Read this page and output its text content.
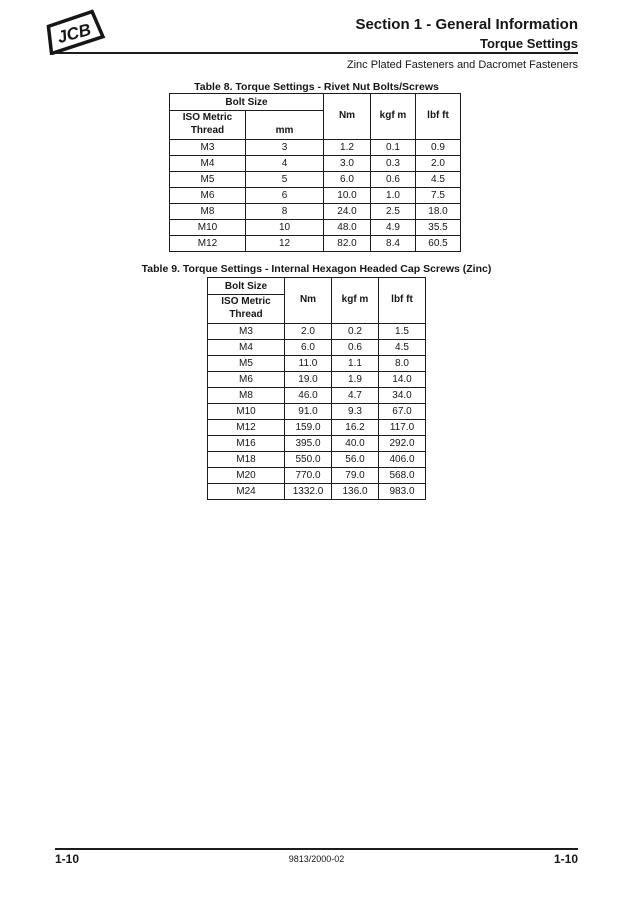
JCB	Section 1 - General Information
Torque Settings
Zinc Plated Fasteners and Dacromet Fasteners
Table 8. Torque Settings - Rivet Nut Bolts/Screws
Bolt Size		Nm	kgf m	lbf ft
ISO Metric Thread	mm			
M3	3	1.2	0.1	0.9
M4	4	3.0	0.3	2.0
M5	5	6.0	0.6	4.5
M6	6	10.0	1.0	7.5
M8	8	24.0	2.5	18.0
M10	10	48.0	4.9	35.5
M12	12	82.0	8.4	60.5
Table 9. Torque Settings - Internal Hexagon Headed Cap Screws (Zinc)
Bolt Size	Nm	kgf m	lbf ft
ISO Metric Thread			
M3	2.0	0.2	1.5
M4	6.0	0.6	4.5
M5	11.0	1.1	8.0
M6	19.0	1.9	14.0
M8	46.0	4.7	34.0
M10	91.0	9.3	67.0
M12	159.0	16.2	117.0
M16	395.0	40.0	292.0
M18	550.0	56.0	406.0
M20	770.0	79.0	568.0
M24	1332.0	136.0	983.0
1-10	9813/2000-02	1-10
